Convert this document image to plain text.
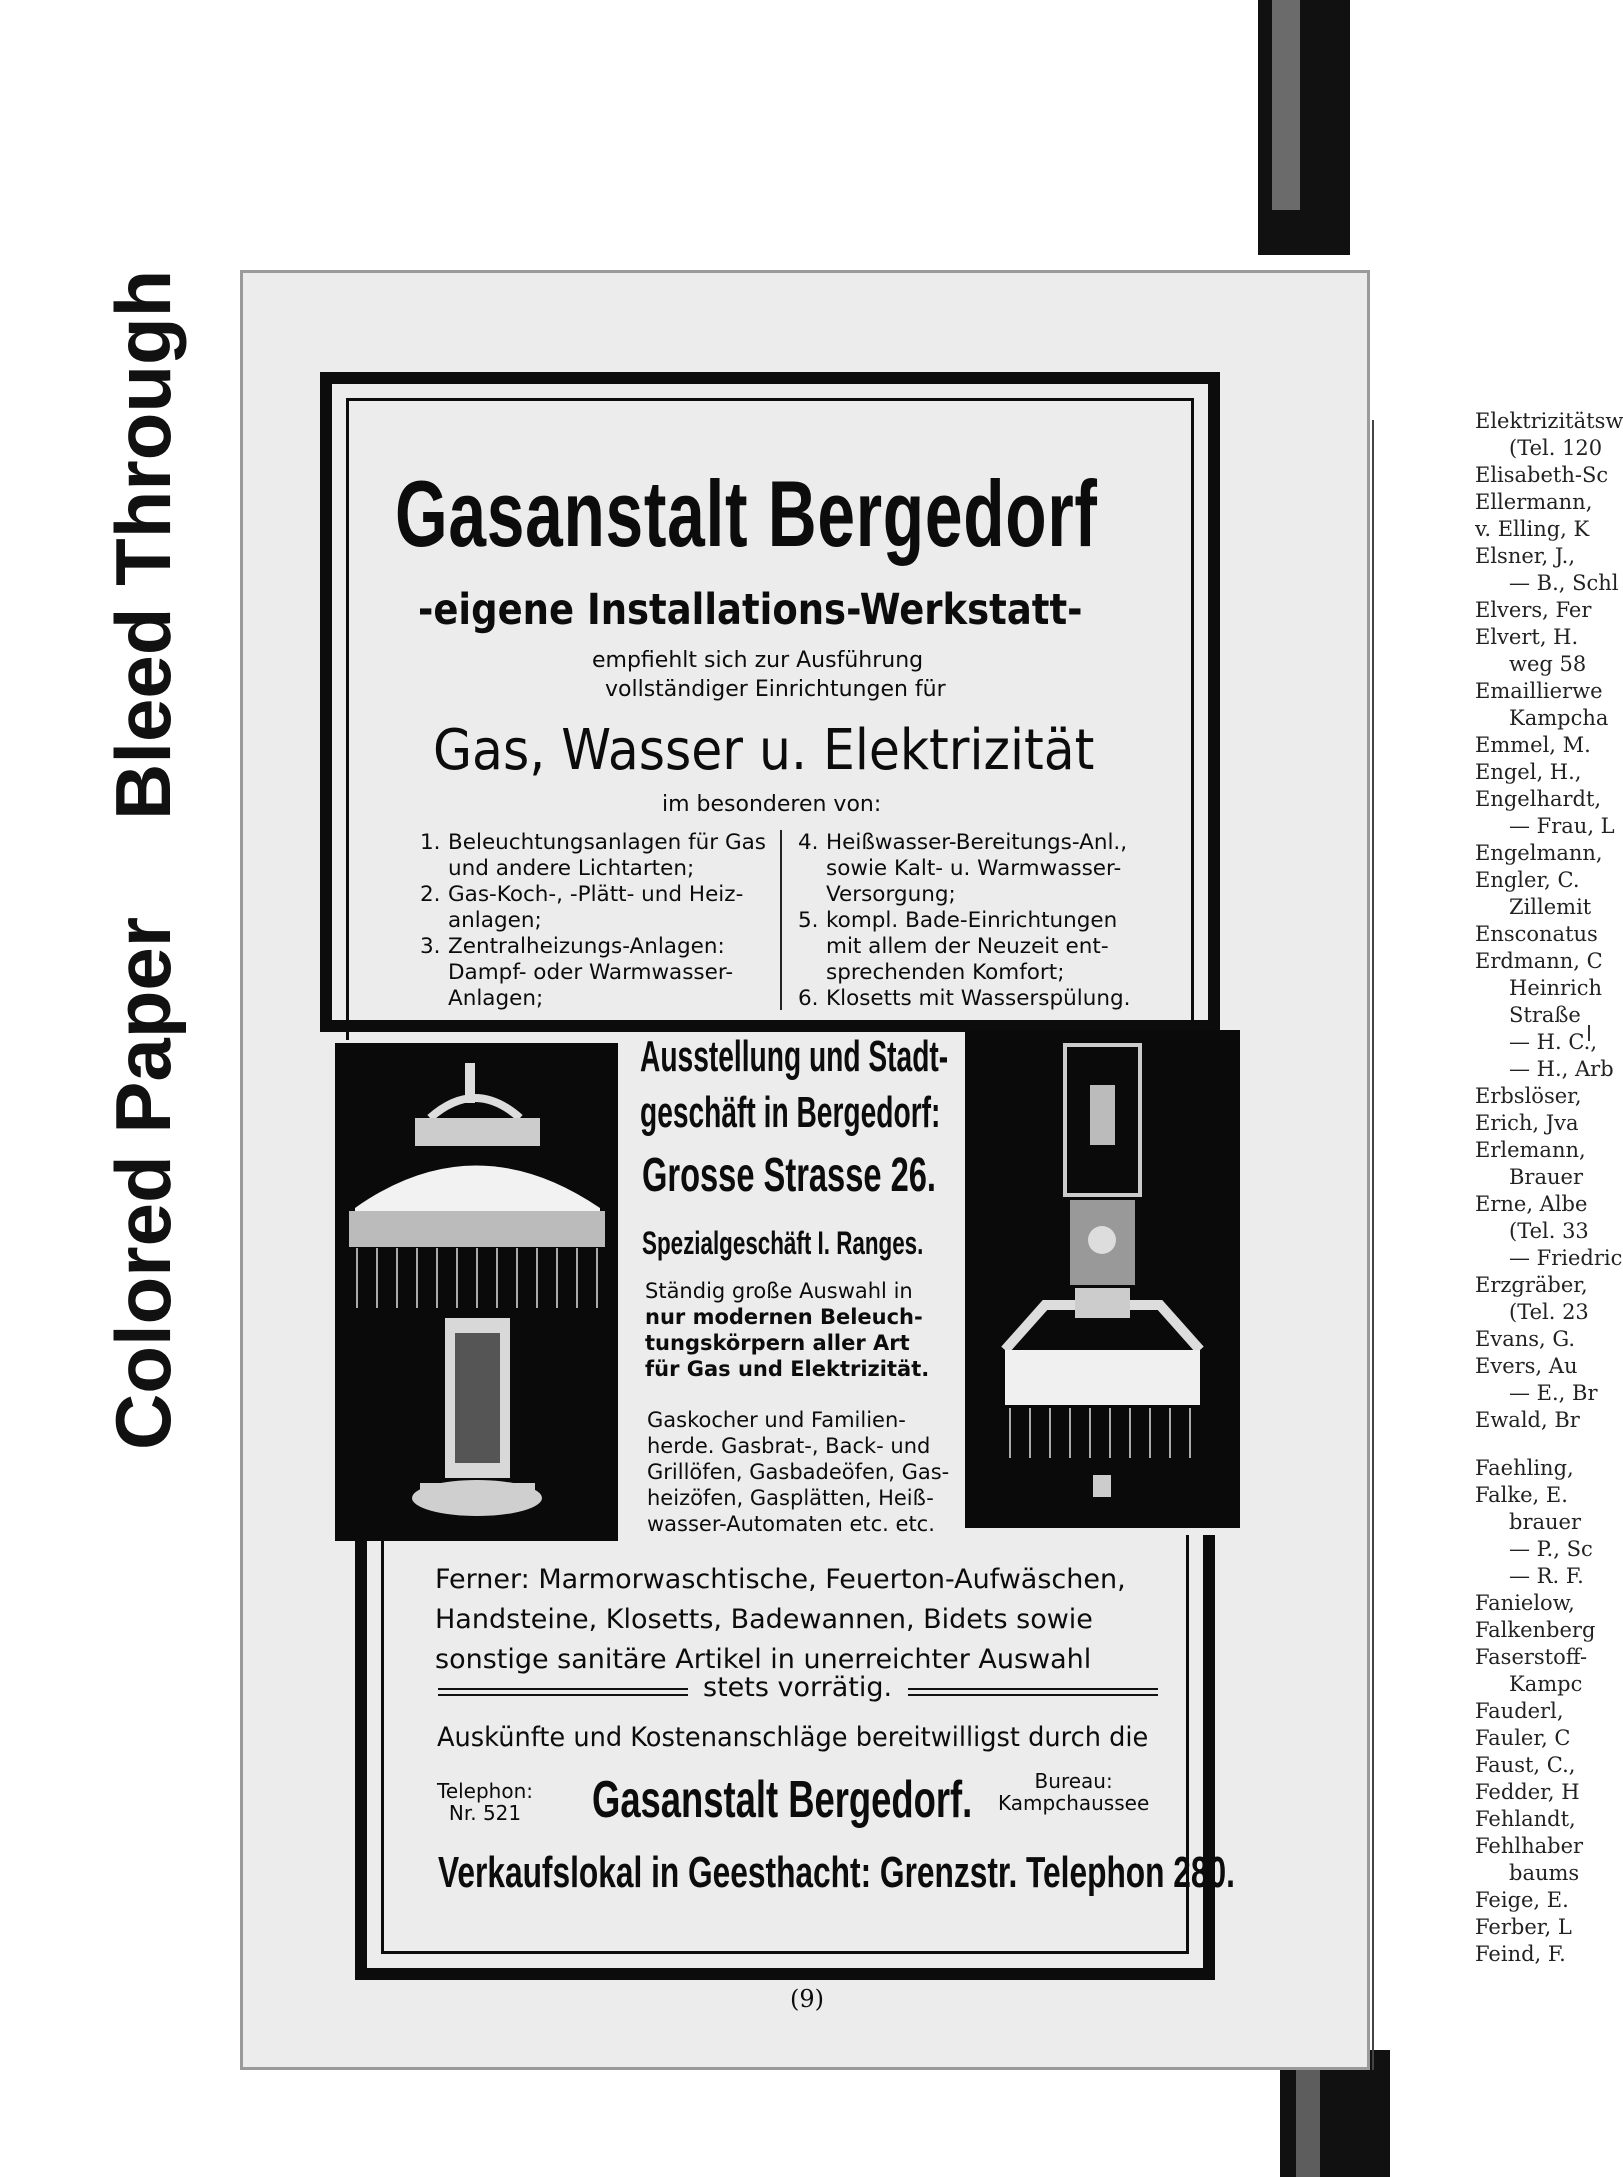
Bleed Through
Colored Paper
Gasanstalt Bergedorf
-eigene Installations-Werkstatt-
empfiehlt sich zur Ausführung
vollständiger Einrichtungen für
Gas, Wasser u. Elektrizität
im besonderen von:
1. Beleuchtungsanlagen für Gas
und andere Lichtarten;
2. Gas-Koch-, -Plätt- und Heiz-
anlagen;
3. Zentralheizungs-Anlagen:
Dampf- oder Warmwasser-
Anlagen;
4. Heißwasser-Bereitungs-Anl.,
sowie Kalt- u. Warmwasser-
Versorgung;
5. kompl. Bade-Einrichtungen
mit allem der Neuzeit ent-
sprechenden Komfort;
6. Klosetts mit Wasserspülung.
Ausstellung und Stadt-
geschäft in Bergedorf:
Grosse Strasse 26.
Spezialgeschäft I. Ranges.
Ständig große Auswahl in
nur modernen Beleuch-
tungskörpern aller Art
für Gas und Elektrizität.
Gaskocher und Familien-
herde. Gasbrat-, Back- und
Grillöfen, Gasbadeöfen, Gas-
heizöfen, Gasplätten, Heiß-
wasser-Automaten etc. etc.
Ferner: Marmorwaschtische, Feuerton-Aufwäschen,
Handsteine, Klosetts, Badewannen, Bidets sowie
sonstige sanitäre Artikel in unerreichter Auswahl
stets vorrätig.
Auskünfte und Kostenanschläge bereitwilligst durch die
Telephon:
Nr. 521 Gasanstalt Bergedorf.	Bureau:
Kampchaussee
Verkaufslokal in Geesthacht: Grenzstr. Telephon 280.
(9)
Elektrizitätsw
(Tel. 120
Elisabeth-Sc
Ellermann,
v. Elling, K
Elsner, J.,
— B., Schl
Elvers, Fer
Elvert, H.
weg 58
Emaillierwe
Kampcha
Emmel, M.
Engel, H.,
Engelhardt,
— Frau, L
Engelmann,
Engler, C.
Zillemit
Ensconatus
Erdmann, C
Heinrich
Straße
— H. C.,
— H., Arb
Erbslöser,
Erich, Jva
Erlemann,
Brauer
Erne, Albe
(Tel. 33
— Friedric
Erzgräber,
(Tel. 23
Evans, G.
Evers, Au
— E., Br
Ewald, Br
Faehling,
Falke, E.
brauer
— P., Sc
— R. F.
Fanielow,
Falkenberg
Faserstoff-
Kampc
Fauderl,
Fauler, C
Faust, C.,
Fedder, H
Fehlandt,
Fehlhaber
baums
Feige, E.
Ferber, L
Feind, F.
